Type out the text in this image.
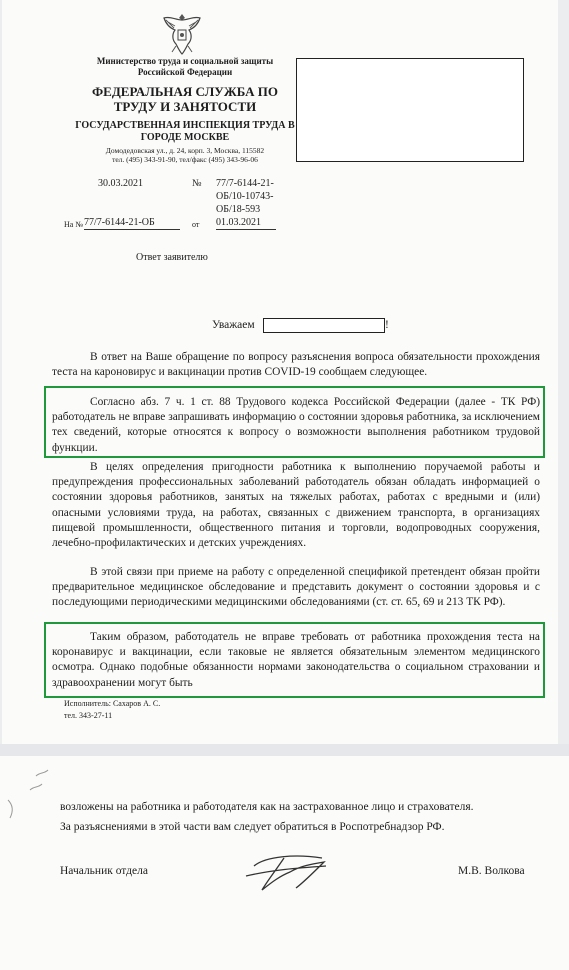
Министерство труда и социальной защиты Российской Федерации
ФЕДЕРАЛЬНАЯ СЛУЖБА ПО ТРУДУ И ЗАНЯТОСТИ
ГОСУДАРСТВЕННАЯ ИНСПЕКЦИЯ ТРУДА В ГОРОДЕ МОСКВЕ
Домодедовская ул., д. 24, корп. 3, Москва, 115582
тел. (495) 343-91-90, тел/факс (495) 343-96-06
30.03.2021	№ 77/7-6144-21-
ОБ/10-10743-
ОБ/18-593
На № 77/7-6144-21-ОБ	от 01.03.2021
Ответ заявителю
Уважаем	!
В ответ на Ваше обращение по вопросу разъяснения вопроса обязательности прохождения теста на кароновирус и вакцинации против COVID-19 сообщаем следующее.
Согласно абз. 7 ч. 1 ст. 88 Трудового кодекса Российской Федерации (далее - ТК РФ) работодатель не вправе запрашивать информацию о состоянии здоровья работника, за исключением тех сведений, которые относятся к вопросу о возможности выполнения работником трудовой функции.
В целях определения пригодности работника к выполнению поручаемой работы и предупреждения профессиональных заболеваний работодатель обязан обладать информацией о состоянии здоровья работников, занятых на тяжелых работах, работах с вредными и (или) опасными условиями труда, на работах, связанных с движением транспорта, в организациях пищевой промышленности, общественного питания и торговли, водопроводных сооружения, лечебно-профилактических и детских учреждениях.
В этой связи при приеме на работу с определенной спецификой претендент обязан пройти предварительное медицинское обследование и представить документ о состоянии здоровья и с последующими периодическими медицинскими обследованиями (ст. ст. 65, 69 и 213 ТК РФ).
Таким образом, работодатель не вправе требовать от работника прохождения теста на коронавирус и вакцинации, если таковые не является обязательным элементом медицинского осмотра. Однако подобные обязанности нормами законодательства о социальном страховании и здравоохранении могут быть
Исполнитель: Сахаров А. С.
тел. 343-27-11
возложены на работника и работодателя как на застрахованное лицо и страхователя.
За разъяснениями в этой части вам следует обратиться в Роспотребнадзор РФ.
Начальник отдела	М.В. Волкова
